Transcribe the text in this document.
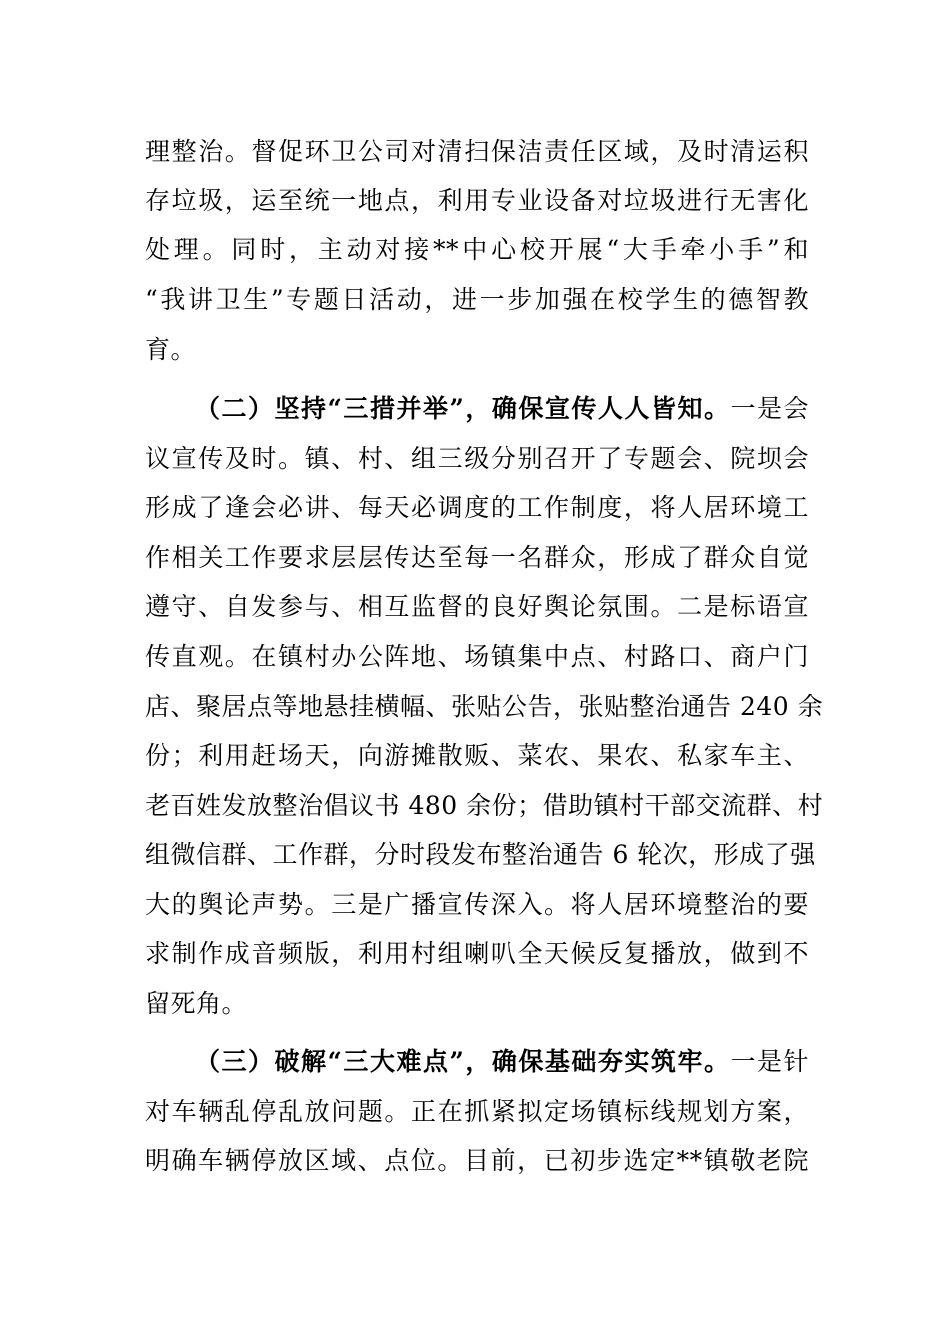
理整治。督促环卫公司对清扫保洁责任区域，及时清运积
存垃圾，运至统一地点，利用专业设备对垃圾进行无害化
处理。同时，主动对接**中心校开展“大手牵小手”和
“我讲卫生”专题日活动，进一步加强在校学生的德智教
育。
（二）坚持“三措并举”，确保宣传人人皆知。一是会
议宣传及时。镇、村、组三级分别召开了专题会、院坝会
形成了逢会必讲、每天必调度的工作制度，将人居环境工
作相关工作要求层层传达至每一名群众，形成了群众自觉
遵守、自发参与、相互监督的良好舆论氛围。二是标语宣
传直观。在镇村办公阵地、场镇集中点、村路口、商户门
店、聚居点等地悬挂横幅、张贴公告，张贴整治通告 240 余
份；利用赶场天，向游摊散贩、菜农、果农、私家车主、
老百姓发放整治倡议书 480 余份；借助镇村干部交流群、村
组微信群、工作群，分时段发布整治通告 6 轮次，形成了强
大的舆论声势。三是广播宣传深入。将人居环境整治的要
求制作成音频版，利用村组喇叭全天候反复播放，做到不
留死角。
（三）破解“三大难点”，确保基础夯实筑牢。一是针
对车辆乱停乱放问题。正在抓紧拟定场镇标线规划方案，
明确车辆停放区域、点位。目前，已初步选定**镇敬老院
